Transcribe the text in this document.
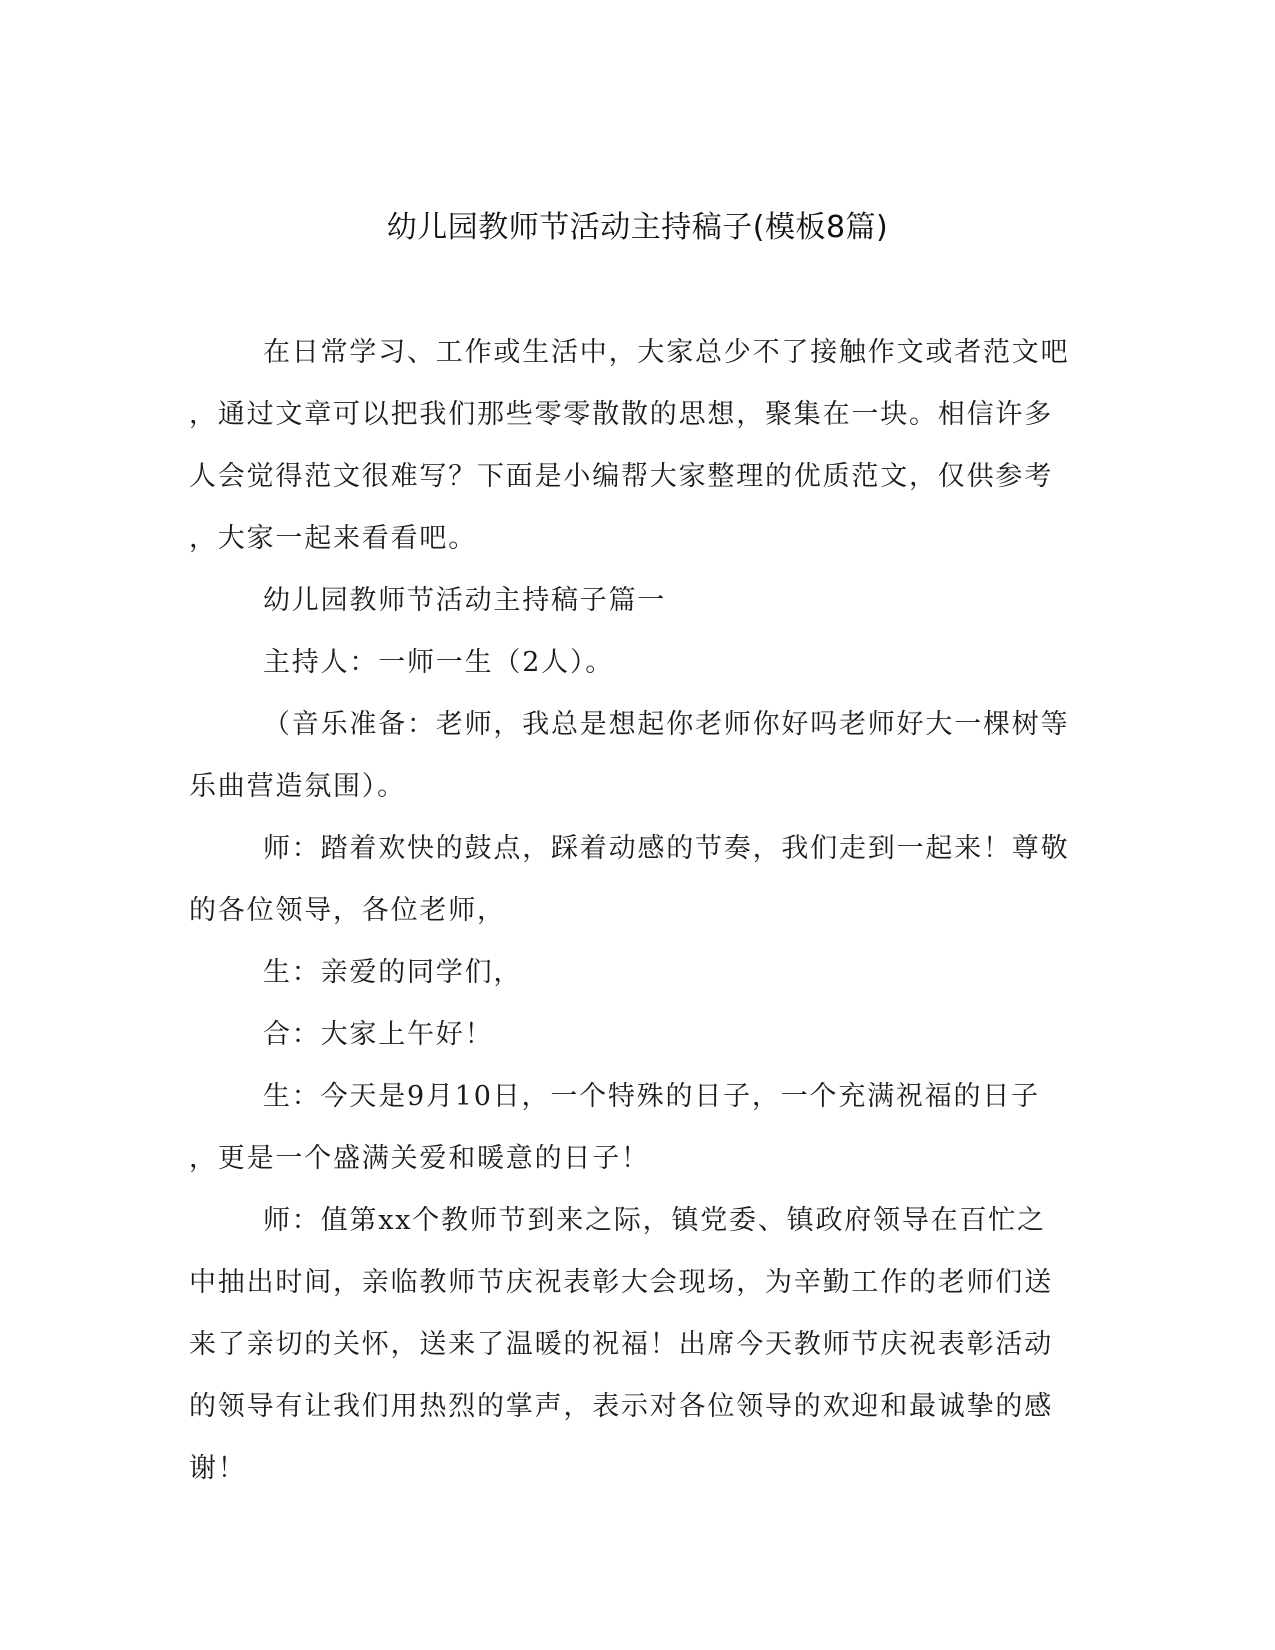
幼儿园教师节活动主持稿子(模板8篇)
在日常学习、工作或生活中，大家总少不了接触作文或者范文吧
，通过文章可以把我们那些零零散散的思想，聚集在一块。相信许多
人会觉得范文很难写？下面是小编帮大家整理的优质范文，仅供参考
，大家一起来看看吧。
幼儿园教师节活动主持稿子篇一
主持人：一师一生（2人）。
（音乐准备：老师，我总是想起你老师你好吗老师好大一棵树等
乐曲营造氛围）。
师：踏着欢快的鼓点，踩着动感的节奏，我们走到一起来！尊敬
的各位领导，各位老师，
生：亲爱的同学们，
合：大家上午好！
生：今天是9月10日，一个特殊的日子，一个充满祝福的日子
，更是一个盛满关爱和暖意的日子！
师：值第xx个教师节到来之际，镇党委、镇政府领导在百忙之
中抽出时间，亲临教师节庆祝表彰大会现场，为辛勤工作的老师们送
来了亲切的关怀，送来了温暖的祝福！出席今天教师节庆祝表彰活动
的领导有让我们用热烈的掌声，表示对各位领导的欢迎和最诚挚的感
谢！
